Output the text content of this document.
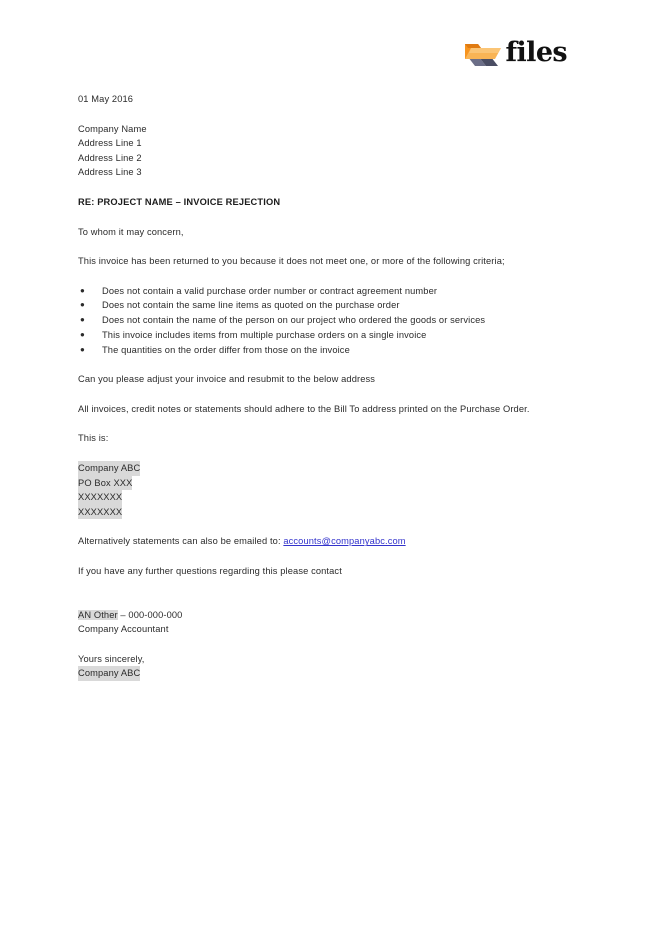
files
01 May 2016
Company Name
Address Line 1
Address Line 2
Address Line 3
RE: PROJECT NAME – INVOICE REJECTION
To whom it may concern,
This invoice has been returned to you because it does not meet one, or more of the following criteria;
● Does not contain a valid purchase order number or contract agreement number
● Does not contain the same line items as quoted on the purchase order
● Does not contain the name of the person on our project who ordered the goods or services
● This invoice includes items from multiple purchase orders on a single invoice
● The quantities on the order differ from those on the invoice
Can you please adjust your invoice and resubmit to the below address
All invoices, credit notes or statements should adhere to the Bill To address printed on the Purchase Order.
This is:
Company ABC
PO Box XXX
XXXXXXX
XXXXXXX
Alternatively statements can also be emailed to: accounts@companyabc.com
If you have any further questions regarding this please contact
AN Other – 000-000-000
Company Accountant
Yours sincerely,
Company ABC
